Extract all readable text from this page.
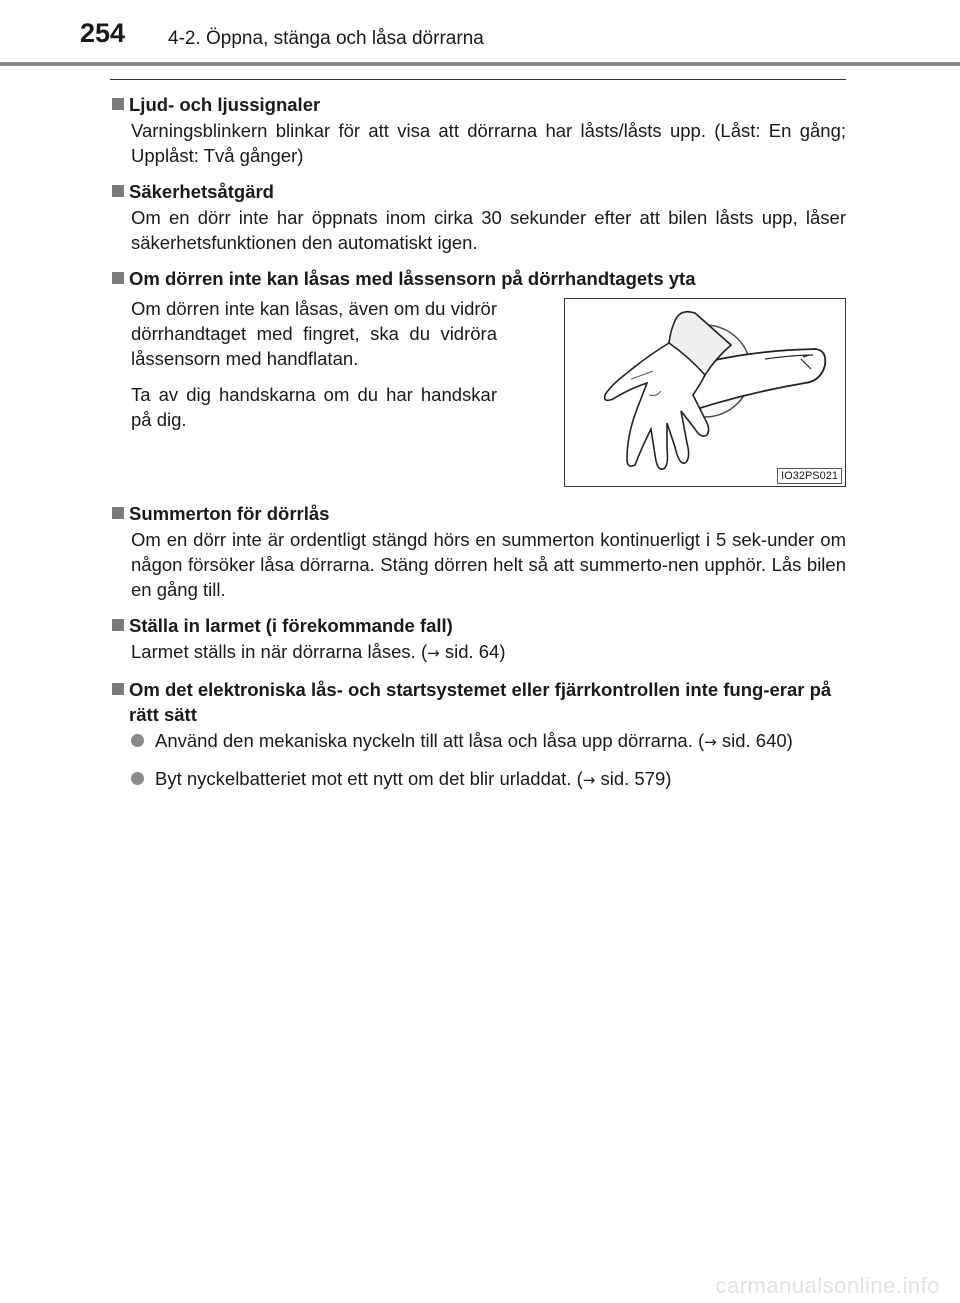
254 4-2. Öppna, stänga och låsa dörrarna
Ljud- och ljussignaler
Varningsblinkern blinkar för att visa att dörrarna har låsts/låsts upp. (Låst: En gång; Upplåst: Två gånger)
Säkerhetsåtgärd
Om en dörr inte har öppnats inom cirka 30 sekunder efter att bilen låsts upp, låser säkerhetsfunktionen den automatiskt igen.
Om dörren inte kan låsas med låssensorn på dörrhandtagets yta

Om dörren inte kan låsas, även om du vidrör dörrhandtaget med fingret, ska du vidröra låssensorn med handflatan.

Ta av dig handskarna om du har handskar på dig.

IO32PS021
Summerton för dörrlås
Om en dörr inte är ordentligt stängd hörs en summerton kontinuerligt i 5 sek-under om någon försöker låsa dörrarna. Stäng dörren helt så att summerto-nen upphör. Lås bilen en gång till.
Ställa in larmet (i förekommande fall)
Larmet ställs in när dörrarna låses. (→ sid. 64)
Om det elektroniska lås- och startsystemet eller fjärrkontrollen inte fung-erar på rätt sätt
Använd den mekaniska nyckeln till att låsa och låsa upp dörrarna. (→ sid. 640)
Byt nyckelbatteriet mot ett nytt om det blir urladdat. (→ sid. 579)
carmanualsonline.info
